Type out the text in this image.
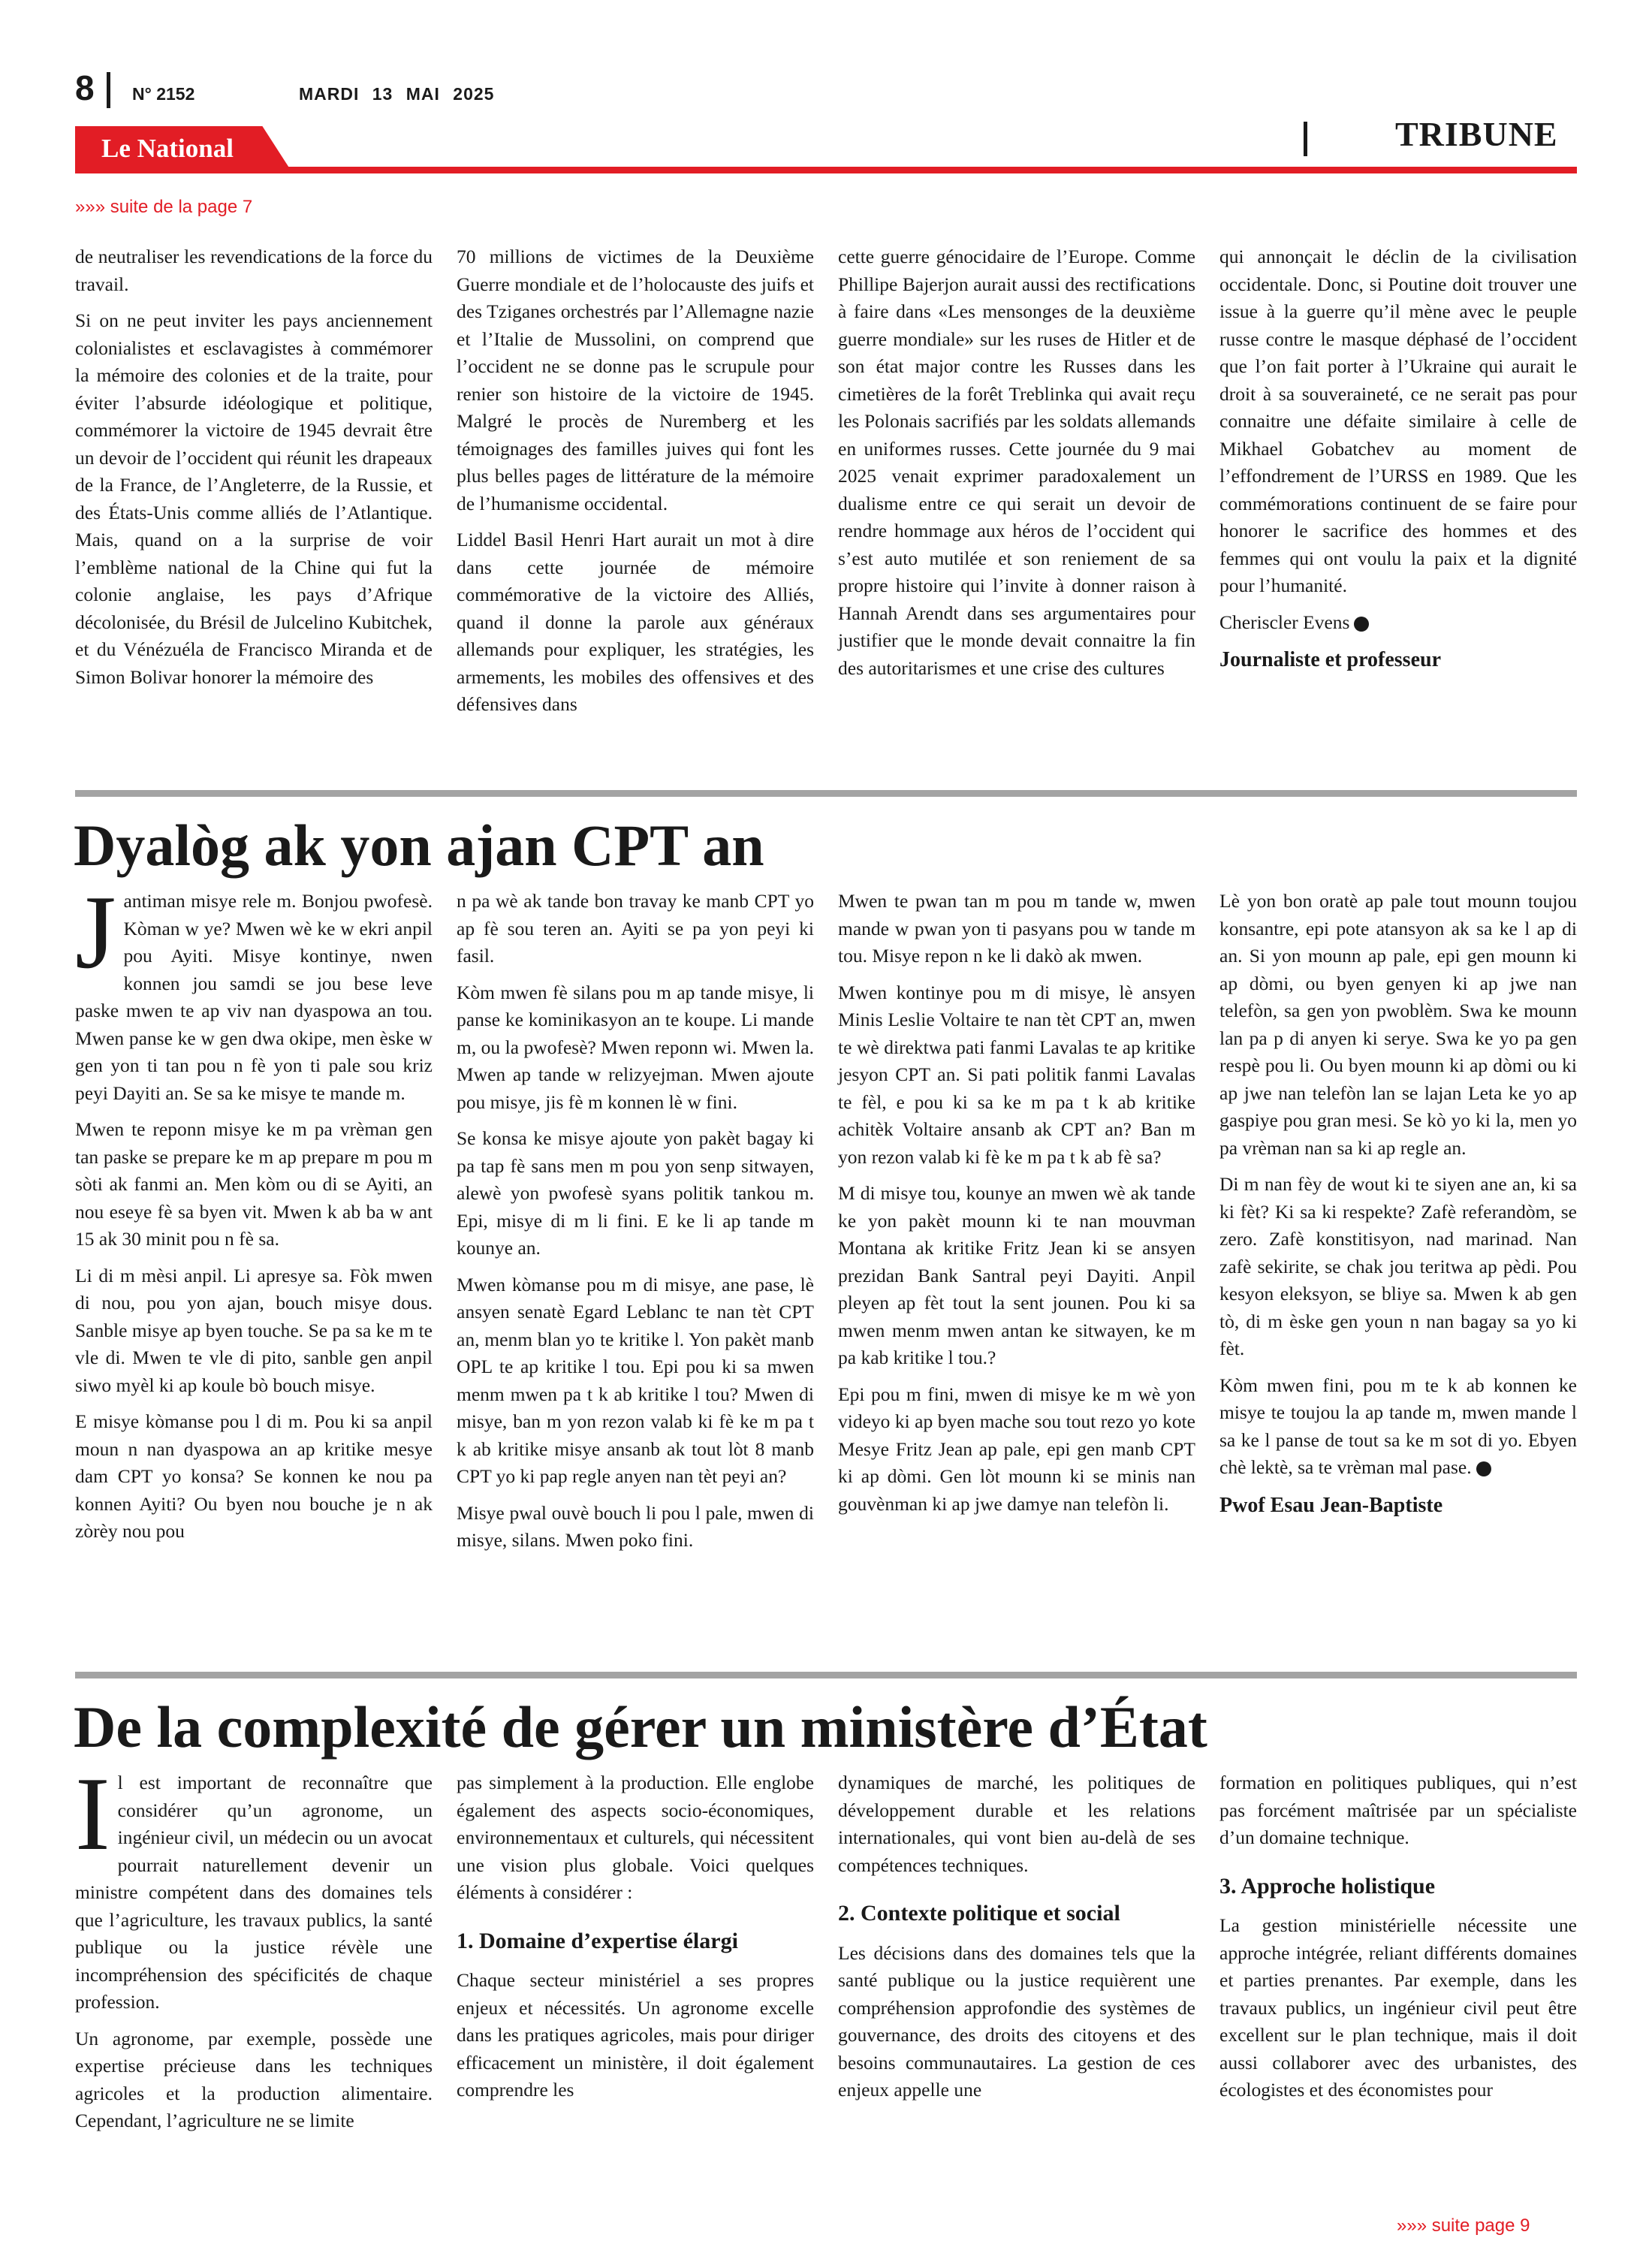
8 N° 2152	MARDI 13 MAI 2025
Le National	TRIBUNE
»»» suite de la page 7

de neutraliser les revendications de la force du travail.

Si on ne peut inviter les pays anciennement colonialistes et esclavagistes à commémorer la mémoire des colonies et de la traite, pour éviter l’absurde idéologique et politique, commémorer la victoire de 1945 devrait être un devoir de l’occident qui réunit les drapeaux de la France, de l’Angleterre, de la Russie, et des États-Unis comme alliés de l’Atlantique. Mais, quand on a la surprise de voir l’emblème national de la Chine qui fut la colonie anglaise, les pays d’Afrique décolonisée, du Brésil de Julcelino Kubitchek, et du Vénézuéla de Francisco Miranda et de Simon Bolivar honorer la mémoire des

70 millions de victimes de la Deuxième Guerre mondiale et de l’holocauste des juifs et des Tziganes orchestrés par l’Allemagne nazie et l’Italie de Mussolini, on comprend que l’occident ne se donne pas le scrupule pour renier son histoire de la victoire de 1945. Malgré le procès de Nuremberg et les témoignages des familles juives qui font les plus belles pages de littérature de la mémoire de l’humanisme occidental.

Liddel Basil Henri Hart aurait un mot à dire dans cette journée de mémoire commémorative de la victoire des Alliés, quand il donne la parole aux généraux allemands pour expliquer, les stratégies, les armements, les mobiles des offensives et des défensives dans

cette guerre génocidaire de l’Europe. Comme Phillipe Bajerjon aurait aussi des rectifications à faire dans «Les mensonges de la deuxième guerre mondiale» sur les ruses de Hitler et de son état major contre les Russes dans les cimetières de la forêt Treblinka qui avait reçu les Polonais sacrifiés par les soldats allemands en uniformes russes. Cette journée du 9 mai 2025 venait exprimer paradoxalement un dualisme entre ce qui serait un devoir de rendre hommage aux héros de l’occident qui s’est auto mutilée et son reniement de sa propre histoire qui l’invite à donner raison à Hannah Arendt dans ses argumentaires pour justifier que le monde devait connaitre la fin des autoritarismes et une crise des cultures

qui annonçait le déclin de la civilisation occidentale. Donc, si Poutine doit trouver une issue à la guerre qu’il mène avec le peuple russe contre le masque déphasé de l’occident que l’on fait porter à l’Ukraine qui aurait le droit à sa souveraineté, ce ne serait pas pour connaitre une défaite similaire à celle de Mikhael Gobatchev au moment de l’effondrement de l’URSS en 1989. Que les commémorations continuent de se faire pour honorer le sacrifice des hommes et des femmes qui ont voulu la paix et la dignité pour l’humanité.

Cheriscler Evens

Journaliste et professeur

Dyalòg ak yon ajan CPT an

Jantiman misye rele m. Bonjou pwofesè. Kòman w ye? Mwen wè ke w ekri anpil pou Ayiti. Misye kontinye, nwen konnen jou samdi se jou bese leve paske mwen te ap viv nan dyaspowa an tou. Mwen panse ke w gen dwa okipe, men èske w gen yon ti tan pou n fè yon ti pale sou kriz peyi Dayiti an. Se sa ke misye te mande m.

Mwen te reponn misye ke m pa vrèman gen tan paske se prepare ke m ap prepare m pou m sòti ak fanmi an. Men kòm ou di se Ayiti, an nou eseye fè sa byen vit. Mwen k ab ba w ant 15 ak 30 minit pou n fè sa.

Li di m mèsi anpil. Li apresye sa. Fòk mwen di nou, pou yon ajan, bouch misye dous. Sanble misye ap byen touche. Se pa sa ke m te vle di. Mwen te vle di pito, sanble gen anpil siwo myèl ki ap koule bò bouch misye.

E misye kòmanse pou l di m. Pou ki sa anpil moun n nan dyaspowa an ap kritike mesye dam CPT yo konsa? Se konnen ke nou pa konnen Ayiti? Ou byen nou bouche je n ak zòrèy nou pou

n pa wè ak tande bon travay ke manb CPT yo ap fè sou teren an. Ayiti se pa yon peyi ki fasil.

Kòm mwen fè silans pou m ap tande misye, li panse ke kominikasyon an te koupe. Li mande m, ou la pwofesè? Mwen reponn wi. Mwen la. Mwen ap tande w relizyejman. Mwen ajoute pou misye, jis fè m konnen lè w fini.

Se konsa ke misye ajoute yon pakèt bagay ki pa tap fè sans men m pou yon senp sitwayen, alewè yon pwofesè syans politik tankou m. Epi, misye di m li fini. E ke li ap tande m kounye an.

Mwen kòmanse pou m di misye, ane pase, lè ansyen senatè Egard Leblanc te nan tèt CPT an, menm blan yo te kritike l. Yon pakèt manb OPL te ap kritike l tou. Epi pou ki sa mwen menm mwen pa t k ab kritike l tou? Mwen di misye, ban m yon rezon valab ki fè ke m pa t k ab kritike misye ansanb ak tout lòt 8 manb CPT yo ki pap regle anyen nan tèt peyi an?

Misye pwal ouvè bouch li pou l pale, mwen di misye, silans. Mwen poko fini.

Mwen te pwan tan m pou m tande w, mwen mande w pwan yon ti pasyans pou w tande m tou. Misye repon n ke li dakò ak mwen.

Mwen kontinye pou m di misye, lè ansyen Minis Leslie Voltaire te nan tèt CPT an, mwen te wè direktwa pati fanmi Lavalas te ap kritike jesyon CPT an. Si pati politik fanmi Lavalas te fèl, e pou ki sa ke m pa t k ab kritike achitèk Voltaire ansanb ak CPT an? Ban m yon rezon valab ki fè ke m pa t k ab fè sa?

M di misye tou, kounye an mwen wè ak tande ke yon pakèt mounn ki te nan mouvman Montana ak kritike Fritz Jean ki se ansyen prezidan Bank Santral peyi Dayiti. Anpil pleyen ap fèt tout la sent jounen. Pou ki sa mwen menm mwen antan ke sitwayen, ke m pa kab kritike l tou.?

Epi pou m fini, mwen di misye ke m wè yon videyo ki ap byen mache sou tout rezo yo kote Mesye Fritz Jean ap pale, epi gen manb CPT ki ap dòmi. Gen lòt mounn ki se minis nan gouvènman ki ap jwe damye nan telefòn li.

Lè yon bon oratè ap pale tout mounn toujou konsantre, epi pote atansyon ak sa ke l ap di an. Si yon mounn ap pale, epi gen mounn ki ap dòmi, ou byen genyen ki ap jwe nan telefòn, sa gen yon pwoblèm. Swa ke mounn lan pa p di anyen ki serye. Swa ke yo pa gen respè pou li. Ou byen mounn ki ap dòmi ou ki ap jwe nan telefòn lan se lajan Leta ke yo ap gaspiye pou gran mesi. Se kò yo ki la, men yo pa vrèman nan sa ki ap regle an.

Di m nan fèy de wout ki te siyen ane an, ki sa ki fèt? Ki sa ki respekte? Zafè referandòm, se zero. Zafè konstitisyon, nad marinad. Nan zafè sekirite, se chak jou teritwa ap pèdi. Pou kesyon eleksyon, se bliye sa. Mwen k ab gen tò, di m èske gen youn n nan bagay sa yo ki fèt.

Kòm mwen fini, pou m te k ab konnen ke misye te toujou la ap tande m, mwen mande l sa ke l panse de tout sa ke m sot di yo. Ebyen chè lektè, sa te vrèman mal pase.

Pwof Esau Jean-Baptiste

De la complexité de gérer un ministère d’État

Il est important de reconnaître que considérer qu’un agronome, un ingénieur civil, un médecin ou un avocat pourrait naturellement devenir un ministre compétent dans des domaines tels que l’agriculture, les travaux publics, la santé publique ou la justice révèle une incompréhension des spécificités de chaque profession.

Un agronome, par exemple, possède une expertise précieuse dans les techniques agricoles et la production alimentaire. Cependant, l’agriculture ne se limite

pas simplement à la production. Elle englobe également des aspects socio-économiques, environnementaux et culturels, qui nécessitent une vision plus globale. Voici quelques éléments à considérer :

1. Domaine d’expertise élargi

Chaque secteur ministériel a ses propres enjeux et nécessités. Un agronome excelle dans les pratiques agricoles, mais pour diriger efficacement un ministère, il doit également comprendre les

dynamiques de marché, les politiques de développement durable et les relations internationales, qui vont bien au-delà de ses compétences techniques.

2. Contexte politique et social

Les décisions dans des domaines tels que la santé publique ou la justice requièrent une compréhension approfondie des systèmes de gouvernance, des droits des citoyens et des besoins communautaires. La gestion de ces enjeux appelle une

formation en politiques publiques, qui n’est pas forcément maîtrisée par un spécialiste d’un domaine technique.

3. Approche holistique

La gestion ministérielle nécessite une approche intégrée, reliant différents domaines et parties prenantes. Par exemple, dans les travaux publics, un ingénieur civil peut être excellent sur le plan technique, mais il doit aussi collaborer avec des urbanistes, des écologistes et des économistes pour

»»» suite page 9
